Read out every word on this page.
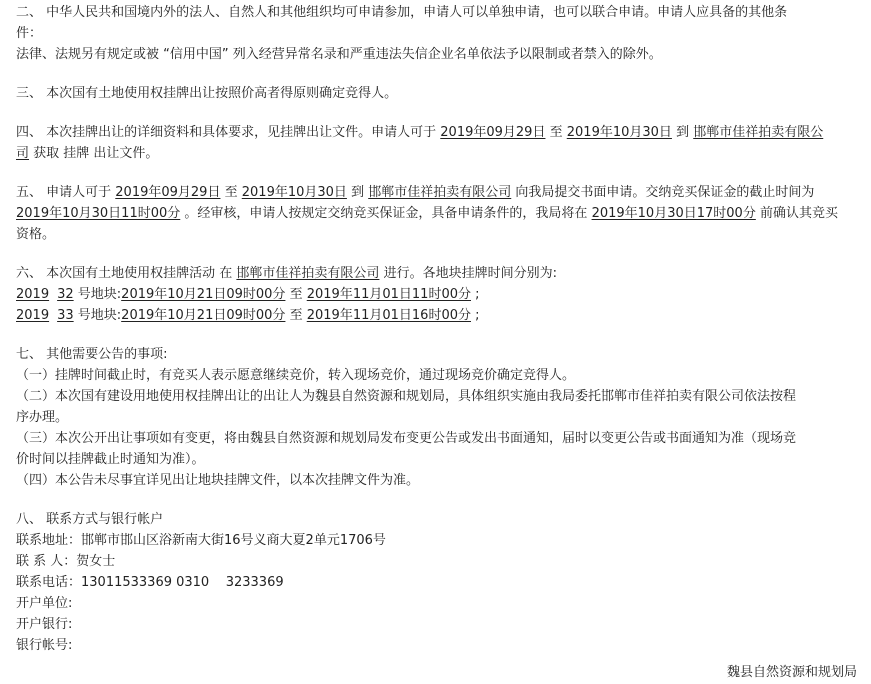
二、 中华人民共和国境内外的法人、自然人和其他组织均可申请参加，申请人可以单独申请，也可以联合申请。申请人应具备的其他条
件：
法律、法规另有规定或被 “信用中国” 列入经营异常名录和严重违法失信企业名单依法予以限制或者禁入的除外。
三、 本次国有土地使用权挂牌出让按照价高者得原则确定竞得人。
四、 本次挂牌出让的详细资料和具体要求，见挂牌出让文件。申请人可于 2019年09月29日 至 2019年10月30日 到 邯郸市佳祥拍卖有限公
司 获取 挂牌 出让文件。
五、 申请人可于 2019年09月29日 至 2019年10月30日 到 邯郸市佳祥拍卖有限公司 向我局提交书面申请。交纳竞买保证金的截止时间为
2019年10月30日11时00分 。经审核，申请人按规定交纳竞买保证金，具备申请条件的，我局将在 2019年10月30日17时00分 前确认其竞买
资格。
六、 本次国有土地使用权挂牌活动 在 邯郸市佳祥拍卖有限公司 进行。各地块挂牌时间分别为:
2019 32 号地块:2019年10月21日09时00分 至 2019年11月01日11时00分 ;
2019 33 号地块:2019年10月21日09时00分 至 2019年11月01日16时00分 ;
七、 其他需要公告的事项:
（一）挂牌时间截止时，有竞买人表示愿意继续竞价，转入现场竞价，通过现场竞价确定竞得人。
（二）本次国有建设用地使用权挂牌出让的出让人为魏县自然资源和规划局，具体组织实施由我局委托邯郸市佳祥拍卖有限公司依法按程
序办理。
（三）本次公开出让事项如有变更，将由魏县自然资源和规划局发布变更公告或发出书面通知，届时以变更公告或书面通知为准（现场竞
价时间以挂牌截止时通知为准）。
（四）本公告未尽事宜详见出让地块挂牌文件，以本次挂牌文件为准。
八、 联系方式与银行帐户
联系地址：邯郸市邯山区浴新南大街16号义商大夏2单元1706号
联 系 人：贺女士
联系电话：13011533369 0310    3233369
开户单位:
开户银行:
银行帐号:
魏县自然资源和规划局
